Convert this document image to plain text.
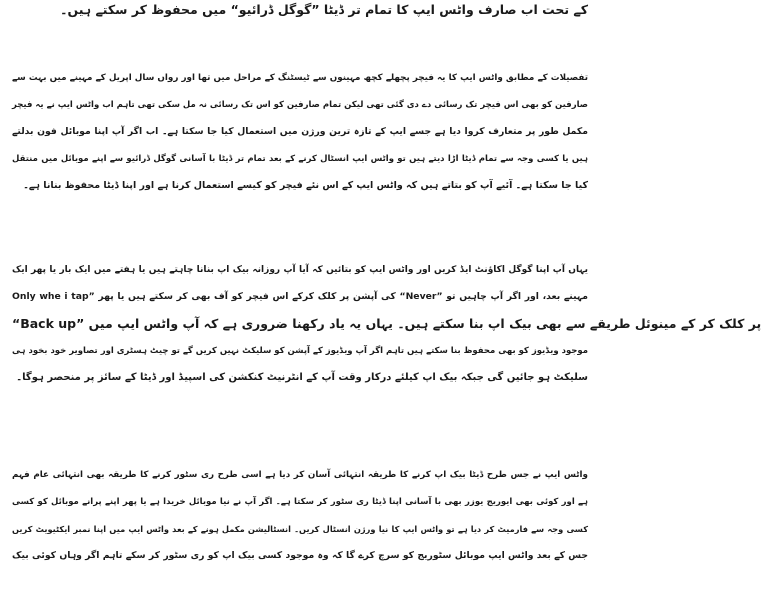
کے تحت اب صارف واٹس ایپ کا تمام تر ڈیٹا ”گوگل ڈرائیو“ میں محفوظ کر سکتے ہیں۔
تفصیلات کے مطابق واٹس ایپ کا یہ فیچر پچھلے کچھ مہینوں سے ٹیسٹنگ کے مراحل میں تھا اور رواں سال اپریل کے مہینے میں بہت سے
صارفین کو بھی اس فیچر تک رسائی دے دی گئی تھی لیکن تمام صارفین کو اس تک رسائی نہ مل سکی تھی تاہم اب واٹس ایپ نے یہ فیچر
مکمل طور پر متعارف کروا دیا ہے جسے ایپ کے تازہ ترین ورژن میں استعمال کیا جا سکتا ہے۔ اب اگر آپ اپنا موبائل فون بدلتے
ہیں یا کسی وجہ سے تمام ڈیٹا اڑا دیتے ہیں تو واٹس ایپ انسٹال کرنے کے بعد تمام تر ڈیٹا با آسانی گوگل ڈرائیو سے اپنے موبائل میں منتقل
کیا جا سکتا ہے۔ آئیے آپ کو بتاتے ہیں کہ واٹس ایپ کے اس نئے فیچر کو کیسے استعمال کرنا ہے اور اپنا ڈیٹا محفوظ بنانا ہے۔
یہاں آپ اپنا گوگل اکاؤنٹ ایڈ کریں اور واٹس ایپ کو بتائیں کہ آیا آپ روزانہ بیک اپ بنانا چاہتے ہیں یا ہفتے میں ایک بار یا پھر ایک
مہینے بعد، اور اگر آپ چاہیں تو ”Never“ کی آپشن پر کلک کرکے اس فیچر کو آف بھی کر سکتے ہیں یا پھر ”Only whe i tap
“Back up” پر کلک کر کے مینوئل طریقے سے بھی بیک اپ بنا سکتے ہیں۔ یہاں یہ یاد رکھنا ضروری ہے کہ آپ واٹس ایپ میں
موجود ویڈیوز کو بھی محفوظ بنا سکتے ہیں تاہم اگر آپ ویڈیوز کے آپشن کو سلیکٹ نہیں کریں گے تو چیٹ ہسٹری اور تصاویر خود بخود ہی
سلیکٹ ہو جائیں گی جبکہ بیک اپ کیلئے درکار وقت آپ کے انٹرنیٹ کنکشن کی اسپیڈ اور ڈیٹا کے سائز پر منحصر ہوگا۔
واٹس ایپ نے جس طرح ڈیٹا بیک اپ کرنے کا طریقہ انتہائی آسان کر دیا ہے اسی طرح ری سٹور کرنے کا طریقہ بھی انتہائی عام فہم
ہے اور کوئی بھی ایوریج یوزر بھی با آسانی اپنا ڈیٹا ری سٹور کر سکتا ہے۔ اگر آپ نے نیا موبائل خریدا ہے یا پھر اپنے پرانے موبائل کو کسی
کسی وجہ سے فارمیٹ کر دیا ہے تو واٹس ایپ کا نیا ورژن انسٹال کریں۔ انسٹالیشن مکمل ہونے کے بعد واٹس ایپ میں اپنا نمبر ایکٹیویٹ کریں
جس کے بعد واٹس ایپ موبائل سٹوریج کو سرچ کرے گا کہ وہ موجود کسی بیک اپ کو ری سٹور کر سکے تاہم اگر وہاں کوئی بیک
